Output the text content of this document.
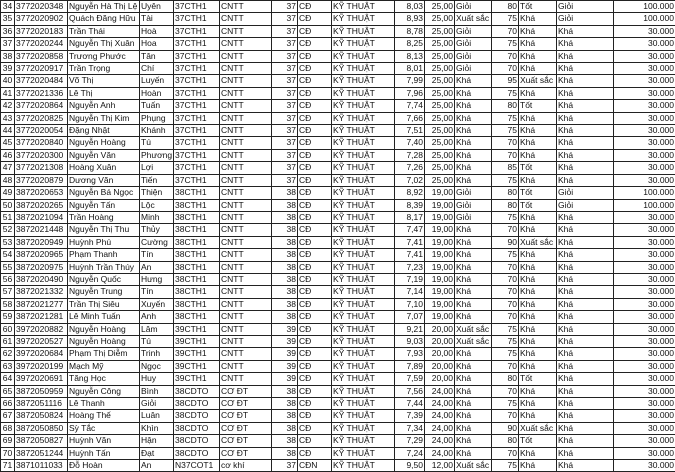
34	3772020348	Nguyễn Hà Thị Lệ	Uyên	37CTH1	CNTT	37	CĐ	KỸ THUẬT	8,03	25,00	Giỏi	80	Tốt	Giỏi	100.000
35	3772020902	Quách Đăng Hữu	Tài	37CTH1	CNTT	37	CĐ	KỸ THUẬT	8,93	25,00	Xuất sắc	75	Khá	Giỏi	100.000
36	3772020183	Trần Thái	Hoà	37CTH1	CNTT	37	CĐ	KỸ THUẬT	8,78	25,00	Giỏi	70	Khá	Khá	30.000
37	3772020244	Nguyễn Thị Xuân	Hoa	37CTH1	CNTT	37	CĐ	KỸ THUẬT	8,25	25,00	Giỏi	75	Khá	Khá	30.000
38	3772020858	Trương Phước	Tân	37CTH1	CNTT	37	CĐ	KỸ THUẬT	8,13	25,00	Giỏi	70	Khá	Khá	30.000
39	3772020917	Trần Trọng	Chí	37CTH1	CNTT	37	CĐ	KỸ THUẬT	8,01	25,00	Giỏi	70	Khá	Khá	30.000
40	3772020484	Võ Thị	Luyến	37CTH1	CNTT	37	CĐ	KỸ THUẬT	7,99	25,00	Khá	95	Xuất sắc	Khá	30.000
41	3772021336	Lê Thị	Hoàn	37CTH1	CNTT	37	CĐ	KỸ THUẬT	7,96	25,00	Khá	75	Khá	Khá	30.000
42	3772020864	Nguyễn Anh	Tuấn	37CTH1	CNTT	37	CĐ	KỸ THUẬT	7,74	25,00	Khá	80	Tốt	Khá	30.000
43	3772020825	Nguyễn Thị Kim	Phụng	37CTH1	CNTT	37	CĐ	KỸ THUẬT	7,66	25,00	Khá	75	Khá	Khá	30.000
44	3772020054	Đặng Nhật	Khánh	37CTH1	CNTT	37	CĐ	KỸ THUẬT	7,51	25,00	Khá	75	Khá	Khá	30.000
45	3772020840	Nguyễn Hoàng	Tú	37CTH1	CNTT	37	CĐ	KỸ THUẬT	7,40	25,00	Khá	70	Khá	Khá	30.000
46	3772020300	Nguyễn Văn	Phương	37CTH1	CNTT	37	CĐ	KỸ THUẬT	7,28	25,00	Khá	70	Khá	Khá	30.000
47	3772021308	Hoàng Xuân	Lợi	37CTH1	CNTT	37	CĐ	KỸ THUẬT	7,26	25,00	Khá	85	Tốt	Khá	30.000
48	3772020879	Dương Văn	Tiến	37CTH1	CNTT	37	CĐ	KỸ THUẬT	7,02	25,00	Khá	75	Khá	Khá	30.000
49	3872020653	Nguyễn Bá Ngọc	Thiện	38CTH1	CNTT	38	CĐ	KỸ THUẬT	8,92	19,00	Giỏi	80	Tốt	Giỏi	100.000
50	3872020265	Nguyễn Tấn	Lộc	38CTH1	CNTT	38	CĐ	KỸ THUẬT	8,39	19,00	Giỏi	80	Tốt	Giỏi	100.000
51	3872021094	Trần Hoàng	Minh	38CTH1	CNTT	38	CĐ	KỸ THUẬT	8,17	19,00	Giỏi	75	Khá	Khá	30.000
52	3872021448	Nguyễn Thị Thu	Thủy	38CTH1	CNTT	38	CĐ	KỸ THUẬT	7,47	19,00	Khá	70	Khá	Khá	30.000
53	3872020949	Huỳnh Phú	Cường	38CTH1	CNTT	38	CĐ	KỸ THUẬT	7,41	19,00	Khá	90	Xuất sắc	Khá	30.000
54	3872020965	Phạm Thanh	Tín	38CTH1	CNTT	38	CĐ	KỸ THUẬT	7,41	19,00	Khá	75	Khá	Khá	30.000
55	3872020975	Huỳnh Trần Thúy	An	38CTH1	CNTT	38	CĐ	KỸ THUẬT	7,23	19,00	Khá	70	Khá	Khá	30.000
56	3872020490	Nguyễn Quốc	Hưng	38CTH1	CNTT	38	CĐ	KỸ THUẬT	7,19	19,00	Khá	70	Khá	Khá	30.000
57	3872021332	Nguyễn Trung	Tín	38CTH1	CNTT	38	CĐ	KỸ THUẬT	7,14	19,00	Khá	70	Khá	Khá	30.000
58	3872021277	Trần Thị Siêu	Xuyến	38CTH1	CNTT	38	CĐ	KỸ THUẬT	7,10	19,00	Khá	70	Khá	Khá	30.000
59	3872021281	Lê Minh Tuấn	Anh	38CTH1	CNTT	38	CĐ	KỸ THUẬT	7,07	19,00	Khá	70	Khá	Khá	30.000
60	3972020882	Nguyễn Hoàng	Lâm	39CTH1	CNTT	39	CĐ	KỸ THUẬT	9,21	20,00	Xuất sắc	75	Khá	Khá	30.000
61	3972020527	Nguyễn Hoàng	Tú	39CTH1	CNTT	39	CĐ	KỸ THUẬT	9,03	20,00	Xuất sắc	75	Khá	Khá	30.000
62	3972020684	Phạm Thị Diễm	Trinh	39CTH1	CNTT	39	CĐ	KỸ THUẬT	7,93	20,00	Khá	75	Khá	Khá	30.000
63	3972020199	Mạch Mỹ	Ngọc	39CTH1	CNTT	39	CĐ	KỸ THUẬT	7,89	20,00	Khá	70	Khá	Khá	30.000
64	3972020691	Tăng Học	Huy	39CTH1	CNTT	39	CĐ	KỸ THUẬT	7,59	20,00	Khá	80	Tốt	Khá	30.000
65	3872050959	Nguyễn Công	Bình	38CDTO	CƠ ĐT	38	CĐ	KỸ THUẬT	7,56	24,00	Khá	70	Khá	Khá	30.000
66	3872051116	Lê Thanh	Giỏi	38CDTO	CƠ ĐT	38	CĐ	KỸ THUẬT	7,44	24,00	Khá	75	Khá	Khá	30.000
67	3872050824	Hoàng Thế	Luân	38CDTO	CƠ ĐT	38	CĐ	KỸ THUẬT	7,39	24,00	Khá	70	Khá	Khá	30.000
68	3872050850	Sỳ Tắc	Khìn	38CDTO	CƠ ĐT	38	CĐ	KỸ THUẬT	7,34	24,00	Khá	90	Xuất sắc	Khá	30.000
69	3872050827	Huỳnh Văn	Hận	38CDTO	CƠ ĐT	38	CĐ	KỸ THUẬT	7,29	24,00	Khá	80	Tốt	Khá	30.000
70	3872051244	Huỳnh Tấn	Đạt	38CDTO	CƠ ĐT	38	CĐ	KỸ THUẬT	7,24	24,00	Khá	70	Khá	Khá	30.000
71	3871011033	Đỗ Hoàn	An	N37COT1	cơ khí	37	CĐN	KỸ THUẬT	9,50	12,00	Xuất sắc	75	Khá	Khá	30.000
